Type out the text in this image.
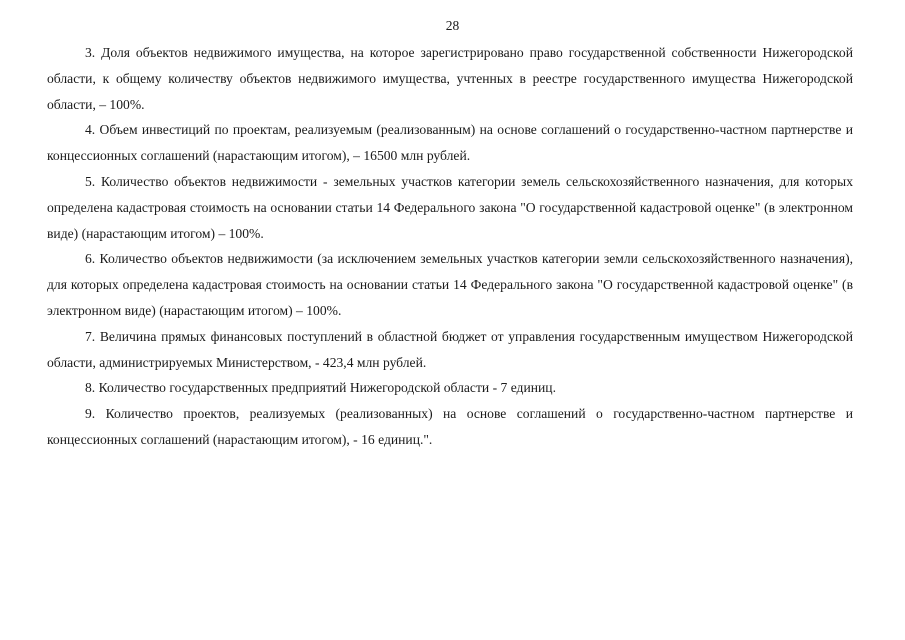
28

3. Доля объектов недвижимого имущества, на которое зарегистрировано право государственной собственности Нижегородской области, к общему количеству объектов недвижимого имущества, учтенных в реестре государственного имущества Нижегородской области, – 100%.

4. Объем инвестиций по проектам, реализуемым (реализованным) на основе соглашений о государственно-частном партнерстве и концессионных соглашений (нарастающим итогом), – 16500 млн рублей.

5. Количество объектов недвижимости - земельных участков категории земель сельскохозяйственного назначения, для которых определена кадастровая стоимость на основании статьи 14 Федерального закона "О государственной кадастровой оценке" (в электронном виде) (нарастающим итогом) – 100%.

6. Количество объектов недвижимости (за исключением земельных участков категории земли сельскохозяйственного назначения), для которых определена кадастровая стоимость на основании статьи 14 Федерального закона "О государственной кадастровой оценке" (в электронном виде) (нарастающим итогом) – 100%.

7. Величина прямых финансовых поступлений в областной бюджет от управления государственным имуществом Нижегородской области, администрируемых Министерством, - 423,4 млн рублей.

8. Количество государственных предприятий Нижегородской области - 7 единиц.

9. Количество проектов, реализуемых (реализованных) на основе соглашений о государственно-частном партнерстве и концессионных соглашений (нарастающим итогом), - 16 единиц.".
